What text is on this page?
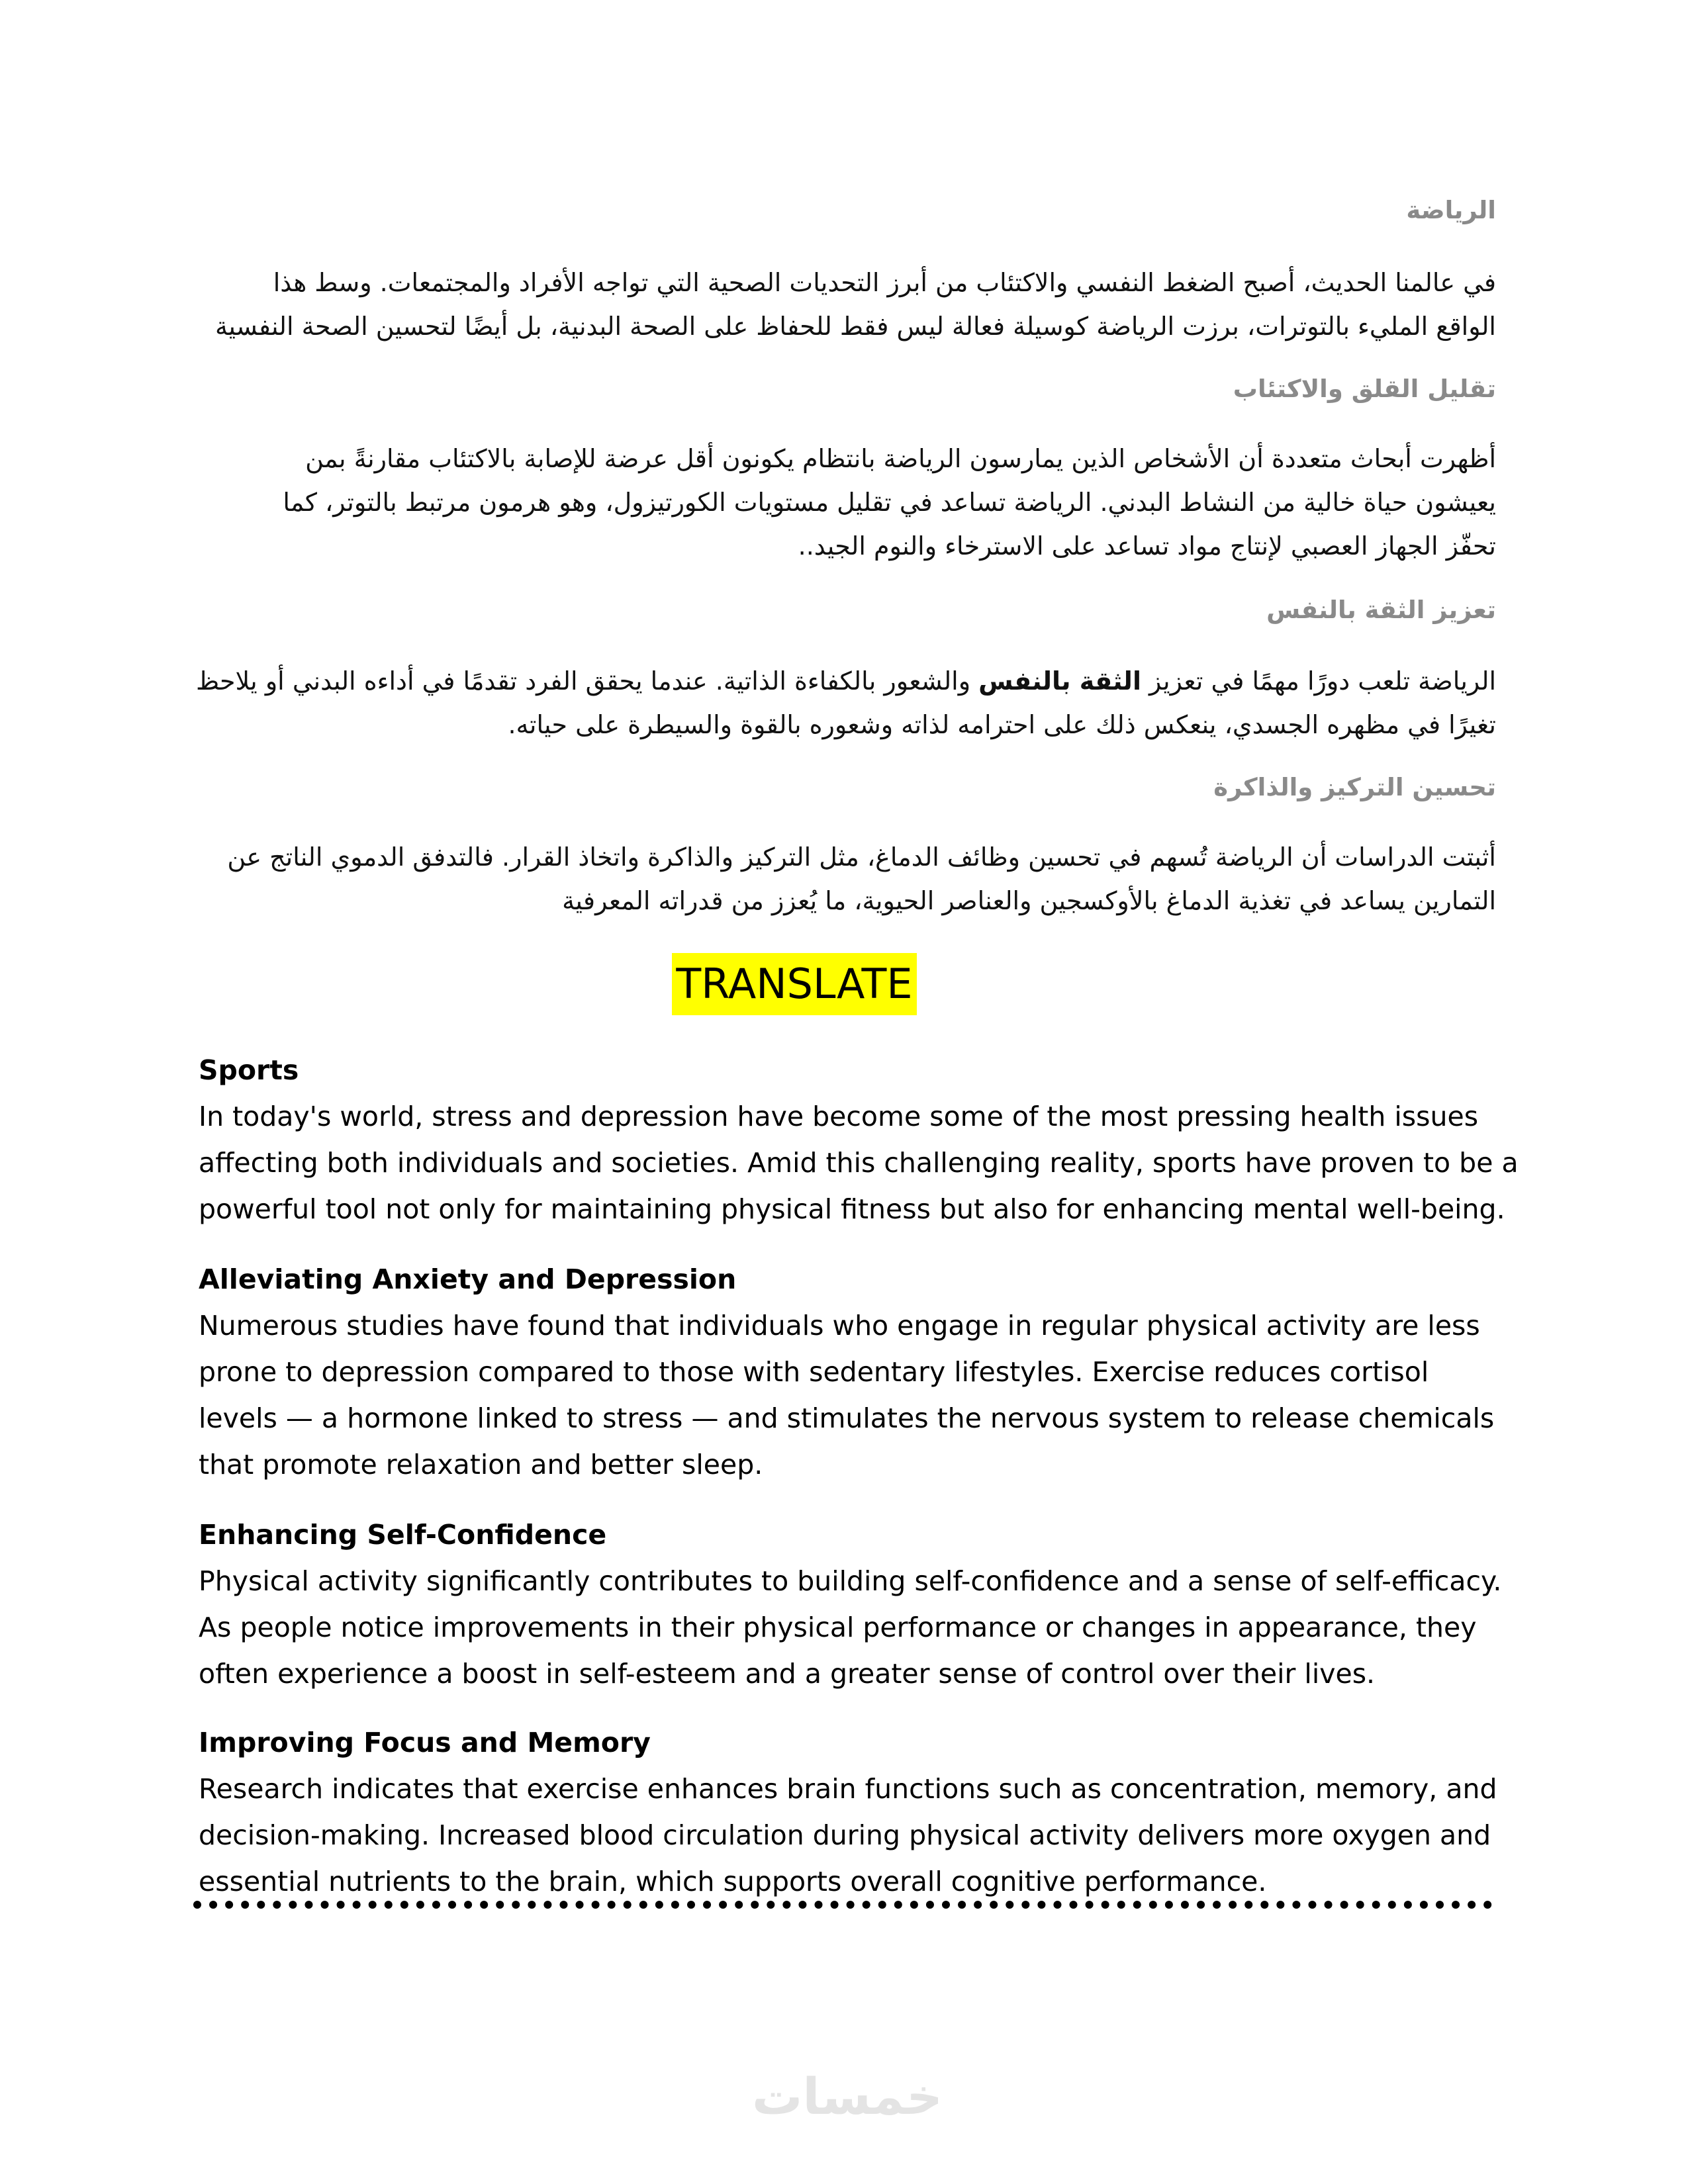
الرياضة

في عالمنا الحديث، أصبح الضغط النفسي والاكتئاب من أبرز التحديات الصحية التي تواجه الأفراد والمجتمعات. وسط هذا
الواقع المليء بالتوترات، برزت الرياضة كوسيلة فعالة ليس فقط للحفاظ على الصحة البدنية، بل أيضًا لتحسين الصحة النفسية

تقليل القلق والاكتئاب

أظهرت أبحاث متعددة أن الأشخاص الذين يمارسون الرياضة بانتظام يكونون أقل عرضة للإصابة بالاكتئاب مقارنةً بمن
يعيشون حياة خالية من النشاط البدني. الرياضة تساعد في تقليل مستويات الكورتيزول، وهو هرمون مرتبط بالتوتر، كما
تحفّز الجهاز العصبي لإنتاج مواد تساعد على الاسترخاء والنوم الجيد..

تعزيز الثقة بالنفس

الرياضة تلعب دورًا مهمًا في تعزيز الثقة بالنفس والشعور بالكفاءة الذاتية. عندما يحقق الفرد تقدمًا في أداءه البدني أو يلاحظ
تغيرًا في مظهره الجسدي، ينعكس ذلك على احترامه لذاته وشعوره بالقوة والسيطرة على حياته.

تحسين التركيز والذاكرة

أثبتت الدراسات أن الرياضة تُسهم في تحسين وظائف الدماغ، مثل التركيز والذاكرة واتخاذ القرار. فالتدفق الدموي الناتج عن
التمارين يساعد في تغذية الدماغ بالأوكسجين والعناصر الحيوية، ما يُعزز من قدراته المعرفية

TRANSLATE
Sports

In today's world, stress and depression have become some of the most pressing health issues
affecting both individuals and societies. Amid this challenging reality, sports have proven to be a
powerful tool not only for maintaining physical fitness but also for enhancing mental well-being.

Alleviating Anxiety and Depression

Numerous studies have found that individuals who engage in regular physical activity are less
prone to depression compared to those with sedentary lifestyles. Exercise reduces cortisol
levels — a hormone linked to stress — and stimulates the nervous system to release chemicals
that promote relaxation and better sleep.

Enhancing Self-Confidence

Physical activity significantly contributes to building self-confidence and a sense of self-efficacy.
As people notice improvements in their physical performance or changes in appearance, they
often experience a boost in self-esteem and a greater sense of control over their lives.

Improving Focus and Memory

Research indicates that exercise enhances brain functions such as concentration, memory, and
decision-making. Increased blood circulation during physical activity delivers more oxygen and
essential nutrients to the brain, which supports overall cognitive performance.

خمسات
